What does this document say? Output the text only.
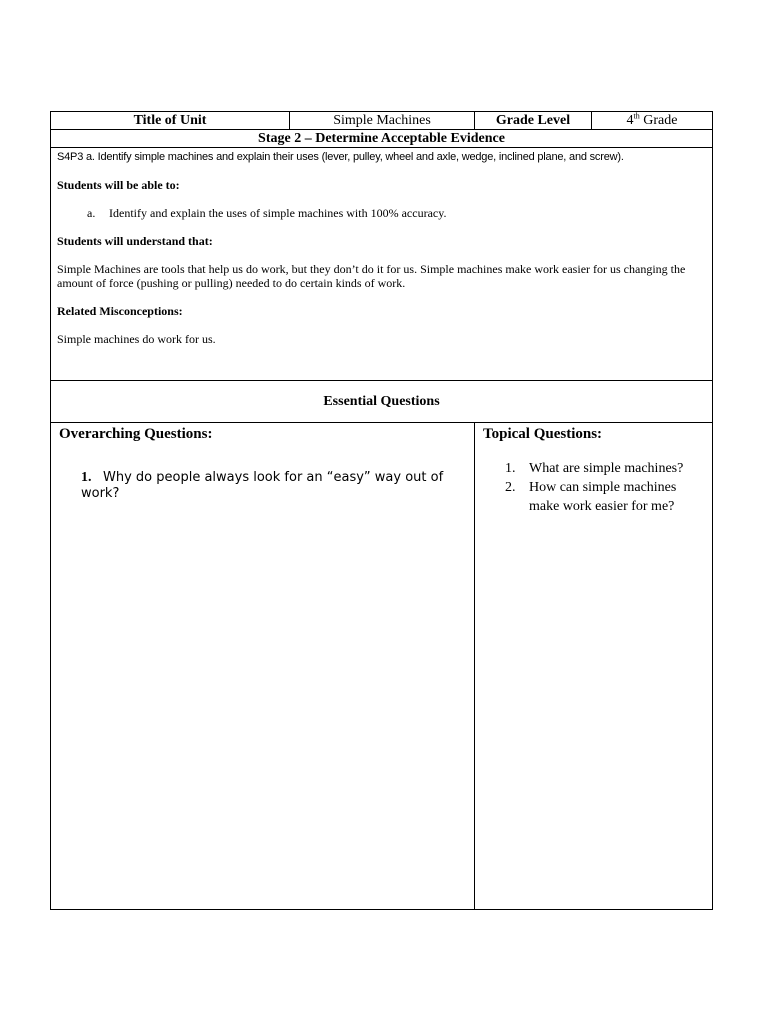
Title of Unit	Simple Machines	Grade Level	4th Grade
Stage 2 – Determine Acceptable Evidence

S4P3 a. Identify simple machines and explain their uses (lever, pulley, wheel and axle, wedge, inclined plane, and screw).

Students will be able to:

a. Identify and explain the uses of simple machines with 100% accuracy.

Students will understand that:

Simple Machines are tools that help us do work, but they don’t do it for us. Simple machines make work easier for us changing the amount of force (pushing or pulling) needed to do certain kinds of work.

Related Misconceptions:

Simple machines do work for us.

Essential Questions
Overarching Questions:
1. Why do people always look for an “easy” way out of work?

Topical Questions:
1. What are simple machines?
2. How can simple machines make work easier for me?
